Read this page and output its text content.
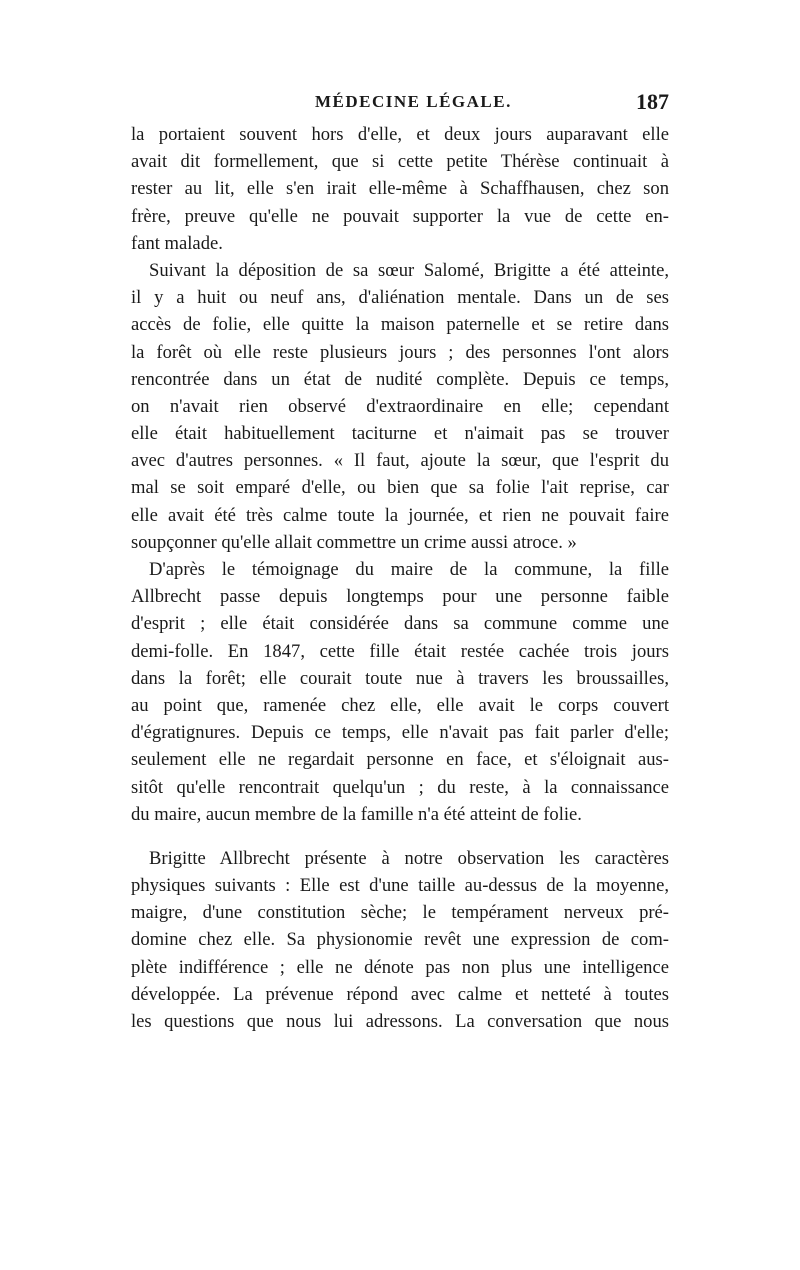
MÉDECINE LÉGALE.	187
la portaient souvent hors d'elle, et deux jours auparavant elle
avait dit formellement, que si cette petite Thérèse continuait à
rester au lit, elle s'en irait elle-même à Schaffhausen, chez son
frère, preuve qu'elle ne pouvait supporter la vue de cette en-
fant malade.
Suivant la déposition de sa sœur Salomé, Brigitte a été atteinte,
il y a huit ou neuf ans, d'aliénation mentale. Dans un de ses
accès de folie, elle quitte la maison paternelle et se retire dans
la forêt où elle reste plusieurs jours ; des personnes l'ont alors
rencontrée dans un état de nudité complète. Depuis ce temps,
on n'avait rien observé d'extraordinaire en elle; cependant
elle était habituellement taciturne et n'aimait pas se trouver
avec d'autres personnes. « Il faut, ajoute la sœur, que l'esprit du
mal se soit emparé d'elle, ou bien que sa folie l'ait reprise, car
elle avait été très calme toute la journée, et rien ne pouvait faire
soupçonner qu'elle allait commettre un crime aussi atroce. »
D'après le témoignage du maire de la commune, la fille
Allbrecht passe depuis longtemps pour une personne faible
d'esprit ; elle était considérée dans sa commune comme une
demi-folle. En 1847, cette fille était restée cachée trois jours
dans la forêt; elle courait toute nue à travers les broussailles,
au point que, ramenée chez elle, elle avait le corps couvert
d'égratignures. Depuis ce temps, elle n'avait pas fait parler d'elle;
seulement elle ne regardait personne en face, et s'éloignait aus-
sitôt qu'elle rencontrait quelqu'un ; du reste, à la connaissance
du maire, aucun membre de la famille n'a été atteint de folie.
Brigitte Allbrecht présente à notre observation les caractères
physiques suivants : Elle est d'une taille au-dessus de la moyenne,
maigre, d'une constitution sèche; le tempérament nerveux pré-
domine chez elle. Sa physionomie revêt une expression de com-
plète indifférence ; elle ne dénote pas non plus une intelligence
développée. La prévenue répond avec calme et netteté à toutes
les questions que nous lui adressons. La conversation que nous
